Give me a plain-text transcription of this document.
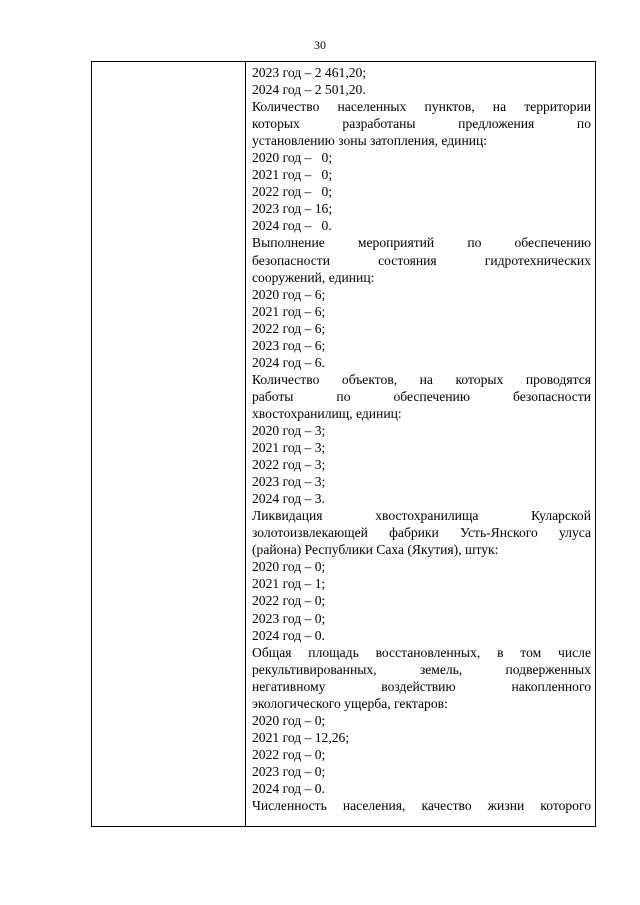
30
2023 год – 2 461,20;
2024 год – 2 501,20.
Количество населенных пунктов, на территории
которых разработаны предложения по
установлению зоны затопления, единиц:
2020 год –   0;
2021 год –   0;
2022 год –   0;
2023 год – 16;
2024 год –   0.
Выполнение мероприятий по обеспечению
безопасности состояния гидротехнических
сооружений, единиц:
2020 год – 6;
2021 год – 6;
2022 год – 6;
2023 год – 6;
2024 год – 6.
Количество объектов, на которых проводятся
работы по обеспечению безопасности
хвостохранилищ, единиц:
2020 год – 3;
2021 год – 3;
2022 год – 3;
2023 год – 3;
2024 год – 3.
Ликвидация хвостохранилища Куларской
золотоизвлекающей фабрики Усть-Янского улуса
(района) Республики Саха (Якутия), штук:
2020 год – 0;
2021 год – 1;
2022 год – 0;
2023 год – 0;
2024 год – 0.
Общая площадь восстановленных, в том числе
рекультивированных, земель, подверженных
негативному воздействию накопленного
экологического ущерба, гектаров:
2020 год – 0;
2021 год – 12,26;
2022 год – 0;
2023 год – 0;
2024 год – 0.
Численность населения, качество жизни которого
